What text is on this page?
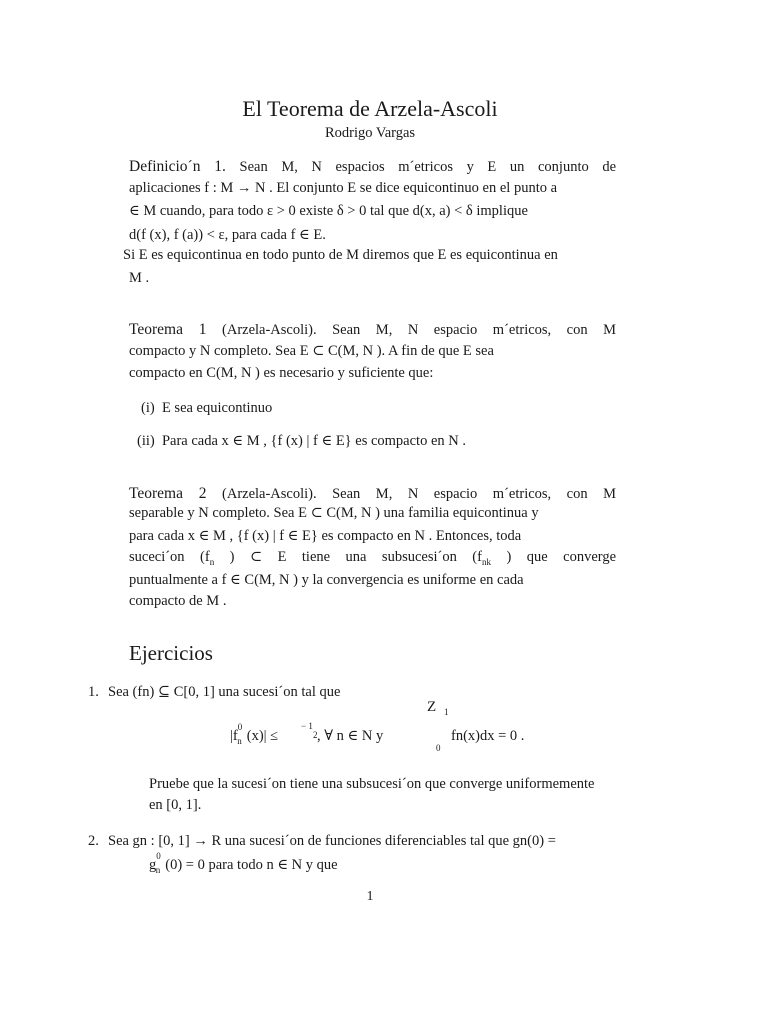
El Teorema de Arzela-Ascoli
Rodrigo Vargas
Definicio´n 1. Sean M, N espacios m´etricos y E un conjunto de
aplicaciones f : M → N . El conjunto E se dice equicontinuo en el punto a
∈ M cuando, para todo ε > 0 existe δ > 0 tal que d(x, a) < δ implique
d(f (x), f (a)) < ε, para cada f ∈ E.
Si E es equicontinua en todo punto de M diremos que E es equicontinua en
M .
Teorema 1 (Arzela-Ascoli). Sean M, N espacio m´etricos, con M
compacto y N completo. Sea E ⊂ C(M, N ). A fin de que E sea
compacto en C(M, N ) es necesario y suficiente que:
(i) E sea equicontinuo
(ii) Para cada x ∈ M , {f (x) | f ∈ E} es compacto en N .
Teorema 2 (Arzela-Ascoli). Sean M, N espacio m´etricos, con M
separable y N completo. Sea E ⊂ C(M, N ) una familia equicontinua y
para cada x ∈ M , {f (x) | f ∈ E} es compacto en N . Entonces, toda
suceci´on ($f_n$ ) ⊂ E tiene una subsucesi´on ($f_{nk}$ ) que converge
puntualmente a f ∈ C(M, N ) y la convergencia es uniforme en cada
compacto de M .
Ejercicios
1. Sea (fn) ⊆ C[0, 1] una sucesi´on tal que
Z 1
0
$|f^0_n$ (x)| ≤
− 1
2 , ∀ n ∈ N y	fn(x)dx = 0 .
Pruebe que la sucesi´on tiene una subsucesi´on que converge uniformemente
en [0, 1].
2. Sea gn : [0, 1] → R una sucesi´on de funciones diferenciables tal que gn(0) =
$g^0_n$ (0) = 0 para todo n ∈ N y que
1
